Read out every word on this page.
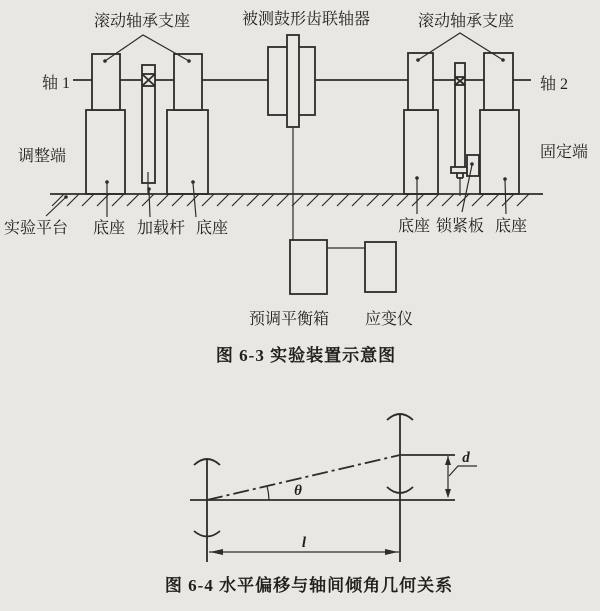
滚动轴承支座	被测鼓形齿联轴器	滚动轴承支座
轴 1	轴 2
调整端	固定端
实验平台 底座 加载杆 底座	底座 锁紧板 底座
预调平衡箱 应变仪
图 6-3 实验装置示意图
θ
d
l
图 6-4 水平偏移与轴间倾角几何关系
